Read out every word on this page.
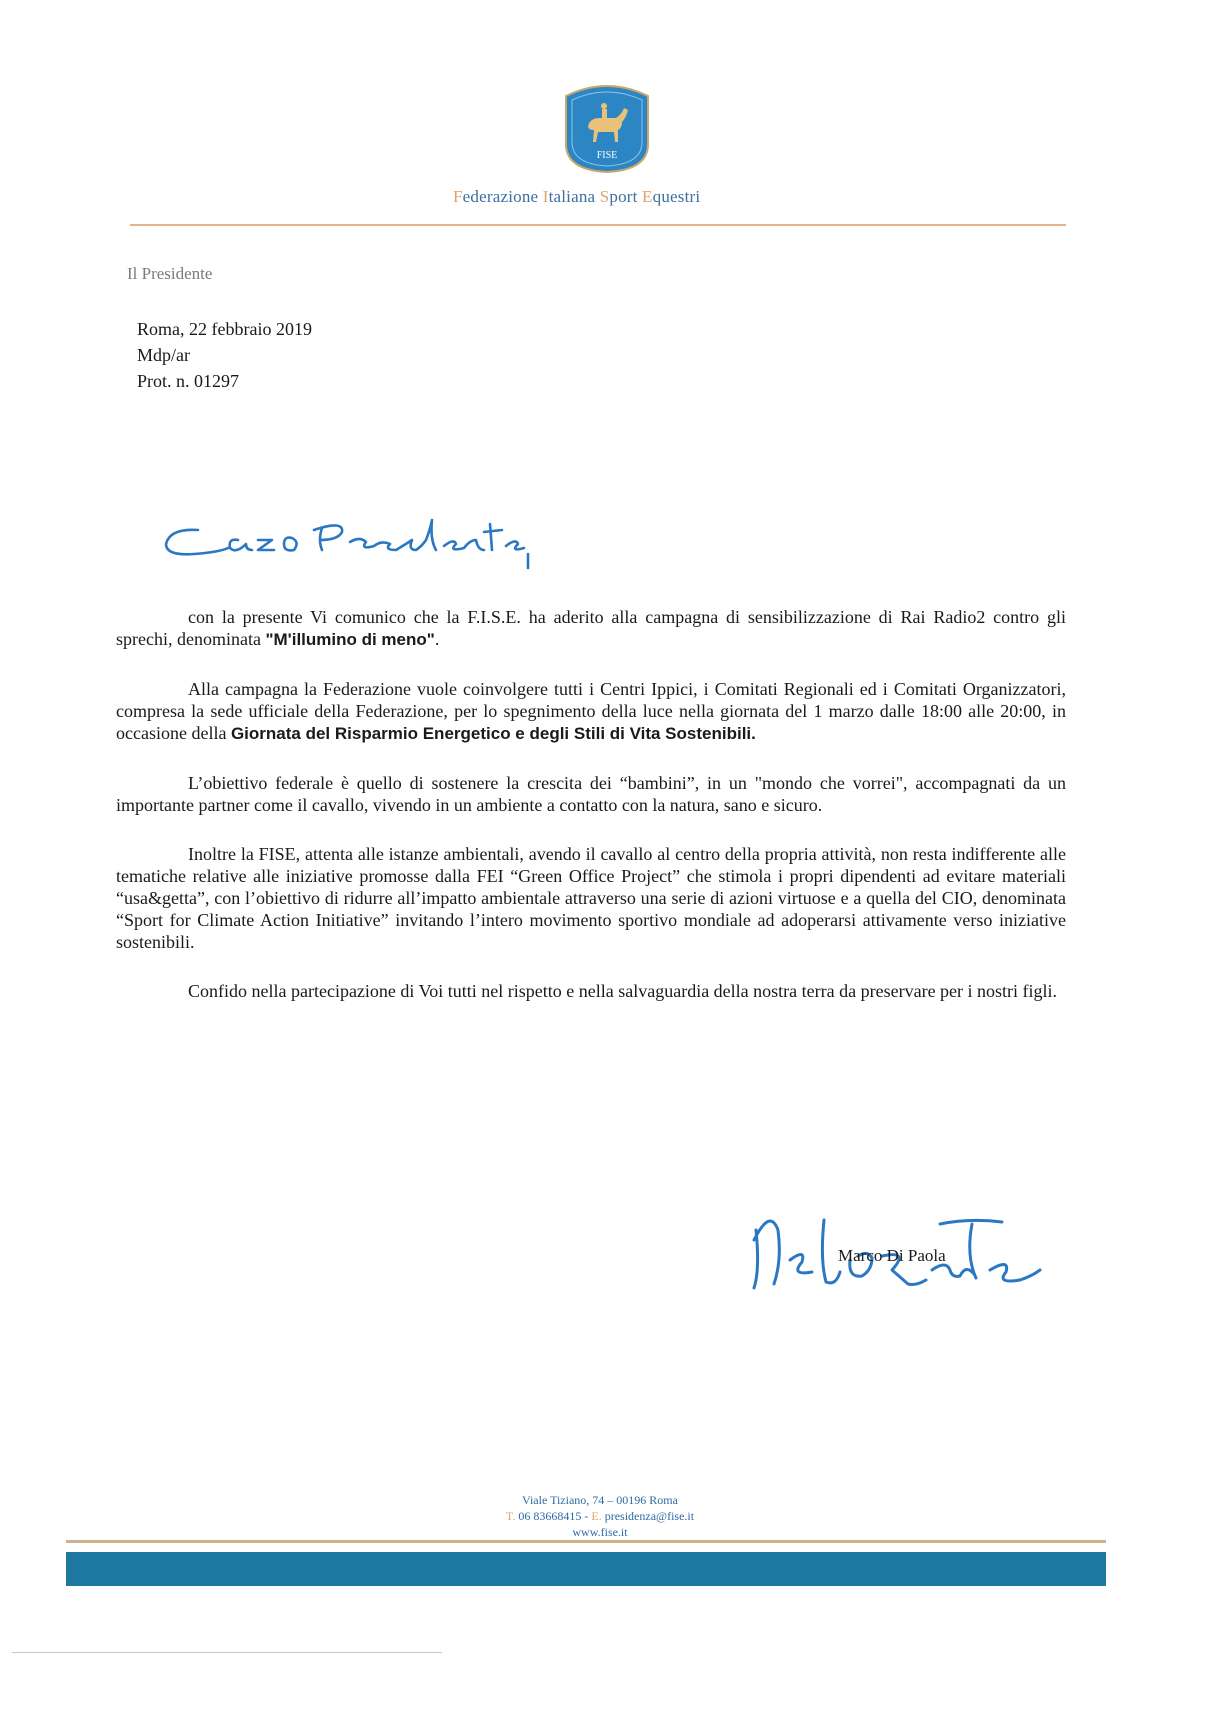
FISE
Federazione Italiana Sport Equestri
Il Presidente
Roma, 22 febbraio 2019
Mdp/ar
Prot. n. 01297

con la presente Vi comunico che la F.I.S.E. ha aderito alla campagna di sensibilizzazione di Rai Radio2 contro gli sprechi, denominata "M'illumino di meno".

Alla campagna la Federazione vuole coinvolgere tutti i Centri Ippici, i Comitati Regionali ed i Comitati Organizzatori, compresa la sede ufficiale della Federazione, per lo spegnimento della luce nella giornata del 1 marzo dalle 18:00 alle 20:00, in occasione della Giornata del Risparmio Energetico e degli Stili di Vita Sostenibili.

L’obiettivo federale è quello di sostenere la crescita dei “bambini”, in un "mondo che vorrei", accompagnati da un importante partner come il cavallo, vivendo in un ambiente a contatto con la natura, sano e sicuro.

Inoltre la FISE, attenta alle istanze ambientali, avendo il cavallo al centro della propria attività, non resta indifferente alle tematiche relative alle iniziative promosse dalla FEI “Green Office Project” che stimola i propri dipendenti ad evitare materiali “usa&getta”, con l’obiettivo di ridurre all’impatto ambientale attraverso una serie di azioni virtuose e a quella del CIO, denominata “Sport for Climate Action Initiative” invitando l’intero movimento sportivo mondiale ad adoperarsi attivamente verso iniziative sostenibili.

Confido nella partecipazione di Voi tutti nel rispetto e nella salvaguardia della nostra terra da preservare per i nostri figli.

Marco Di Paola
Viale Tiziano, 74 – 00196 Roma
T. 06 83668415 - E. presidenza@fise.it
www.fise.it
